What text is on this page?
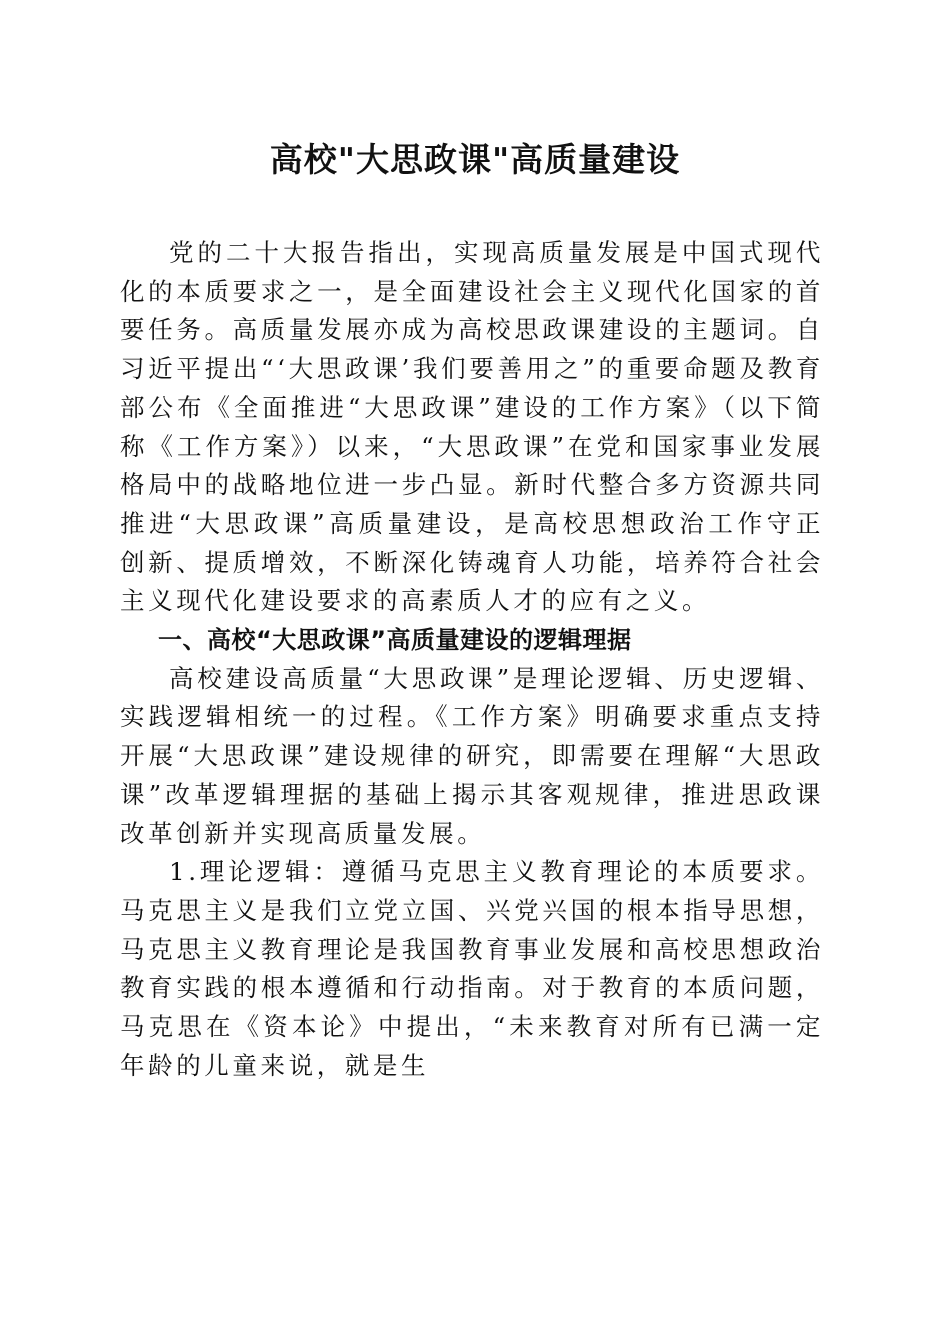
高校"大思政课"高质量建设

党的二十大报告指出，实现高质量发展是中国式现代化的本质要求之一，是全面建设社会主义现代化国家的首要任务。高质量发展亦成为高校思政课建设的主题词。自习近平提出“‘大思政课’我们要善用之”的重要命题及教育部公布《全面推进“大思政课”建设的工作方案》（以下简称《工作方案》）以来，“大思政课”在党和国家事业发展格局中的战略地位进一步凸显。新时代整合多方资源共同推进“大思政课”高质量建设，是高校思想政治工作守正创新、提质增效，不断深化铸魂育人功能，培养符合社会主义现代化建设要求的高素质人才的应有之义。

一、高校“大思政课”高质量建设的逻辑理据

高校建设高质量“大思政课”是理论逻辑、历史逻辑、实践逻辑相统一的过程。《工作方案》明确要求重点支持开展“大思政课”建设规律的研究，即需要在理解“大思政课”改革逻辑理据的基础上揭示其客观规律，推进思政课改革创新并实现高质量发展。

1.理论逻辑：遵循马克思主义教育理论的本质要求。马克思主义是我们立党立国、兴党兴国的根本指导思想，马克思主义教育理论是我国教育事业发展和高校思想政治教育实践的根本遵循和行动指南。对于教育的本质问题，马克思在《资本论》中提出，“未来教育对所有已满一定年龄的儿童来说，就是生
